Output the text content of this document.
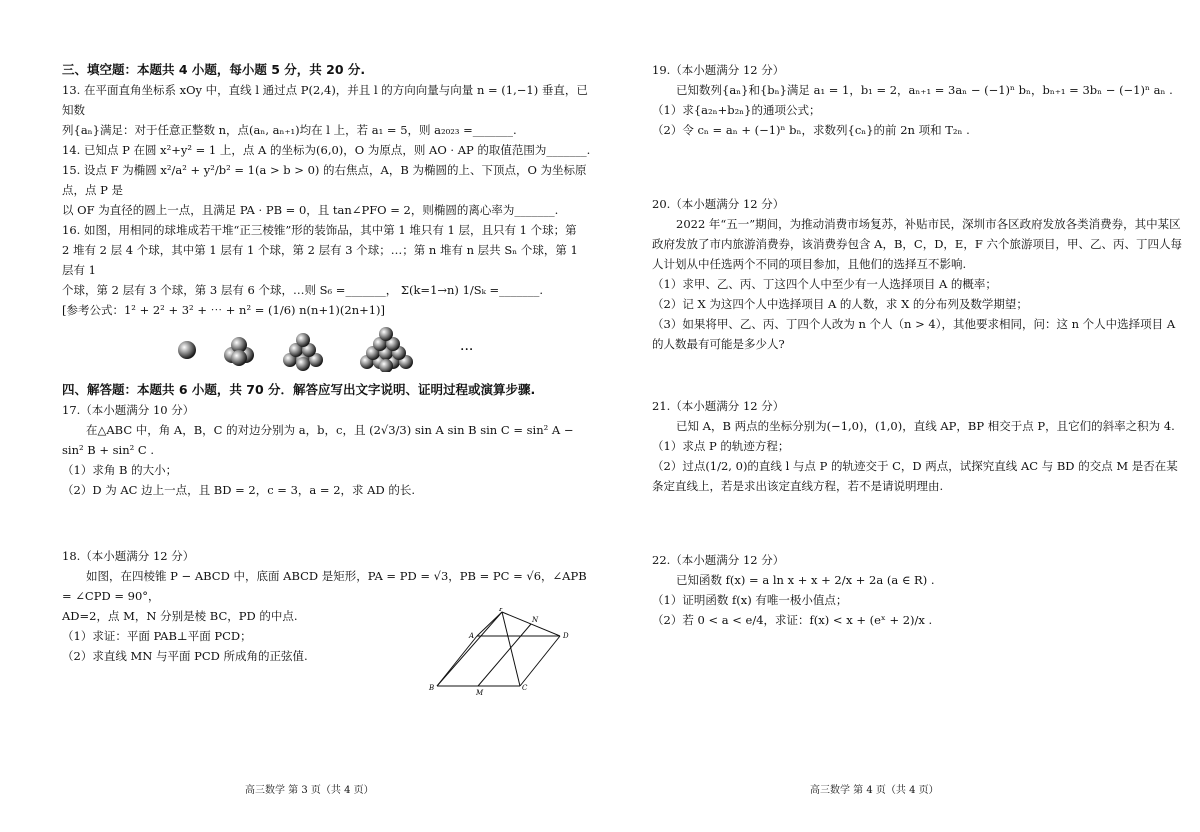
三、填空题：本题共 4 小题，每小题 5 分，共 20 分.
13. 在平面直角坐标系 xOy 中，直线 l 通过点 P(2,4)，并且 l 的方向向量与向量 n = (1,−1) 垂直，已知数
列{aₙ}满足：对于任意正整数 n，点(aₙ, aₙ₊₁)均在 l 上，若 a₁ = 5，则 a₂₀₂₃ =_______.
14. 已知点 P 在圆 x²+y² = 1 上，点 A 的坐标为(6,0)，O 为原点，则 AO · AP 的取值范围为_______.
15. 设点 F 为椭圆 x²/a² + y²/b² = 1(a > b > 0) 的右焦点，A，B 为椭圆的上、下顶点，O 为坐标原点，点 P 是
以 OF 为直径的圆上一点，且满足 PA · PB = 0，且 tan∠PFO = 2，则椭圆的离心率为_______.
16. 如图，用相同的球堆成若干堆“正三棱锥”形的装饰品，其中第 1 堆只有 1 层，且只有 1 个球；第
2 堆有 2 层 4 个球，其中第 1 层有 1 个球，第 2 层有 3 个球；…；第 n 堆有 n 层共 Sₙ 个球，第 1 层有 1
个球，第 2 层有 3 个球，第 3 层有 6 个球，…则 S₆ =_______， Σ(k=1→n) 1/Sₖ =_______.
[参考公式：1² + 2² + 3² + ⋯ + n² = (1/6) n(n+1)(2n+1)]
···
四、解答题：本题共 6 小题，共 70 分．解答应写出文字说明、证明过程或演算步骤.
17.（本小题满分 10 分）
在△ABC 中，角 A，B，C 的对边分别为 a，b，c，且 (2√3/3) sin A sin B sin C = sin² A − sin² B + sin² C .
（1）求角 B 的大小；
（2）D 为 AC 边上一点，且 BD = 2，c = 3，a = 2，求 AD 的长.
18.（本小题满分 12 分）
如图，在四棱锥 P − ABCD 中，底面 ABCD 是矩形，PA = PD = √3，PB = PC = √6，∠APB = ∠CPD = 90°，
AD=2，点 M，N 分别是棱 BC，PD 的中点.
（1）求证：平面 PAB⊥平面 PCD；
（2）求直线 MN 与平面 PCD 所成角的正弦值.
P
N
A	D
B
M
C
19.（本小题满分 12 分）
已知数列{aₙ}和{bₙ}满足 a₁ = 1，b₁ = 2，aₙ₊₁ = 3aₙ − (−1)ⁿ bₙ，bₙ₊₁ = 3bₙ − (−1)ⁿ aₙ .
（1）求{a₂ₙ+b₂ₙ}的通项公式；
（2）令 cₙ = aₙ + (−1)ⁿ bₙ，求数列{cₙ}的前 2n 项和 T₂ₙ .
20.（本小题满分 12 分）
2022 年“五一”期间，为推动消费市场复苏，补贴市民，深圳市各区政府发放各类消费券，其中某区政府发放了市内旅游消费券，该消费券包含 A，B，C，D，E，F 六个旅游项目，甲、乙、丙、丁四人每人计划从中任选两个不同的项目参加，且他们的选择互不影响.
（1）求甲、乙、丙、丁这四个人中至少有一人选择项目 A 的概率；
（2）记 X 为这四个人中选择项目 A 的人数，求 X 的分布列及数学期望；
（3）如果将甲、乙、丙、丁四个人改为 n 个人（n > 4），其他要求相同，问：这 n 个人中选择项目 A 的人数最有可能是多少人?
21.（本小题满分 12 分）
已知 A，B 两点的坐标分别为(−1,0)，(1,0)，直线 AP，BP 相交于点 P，且它们的斜率之积为 4.
（1）求点 P 的轨迹方程；
（2）过点(1/2, 0)的直线 l 与点 P 的轨迹交于 C，D 两点，试探究直线 AC 与 BD 的交点 M 是否在某条定直线上，若是求出该定直线方程，若不是请说明理由.
22.（本小题满分 12 分）
已知函数 f(x) = a ln x + x + 2/x + 2a (a ∈ R) .
（1）证明函数 f(x) 有唯一极小值点；
（2）若 0 < a < e/4，求证：f(x) < x + (eˣ + 2)/x .
高三数学 第 3 页（共 4 页）	高三数学 第 4 页（共 4 页）
